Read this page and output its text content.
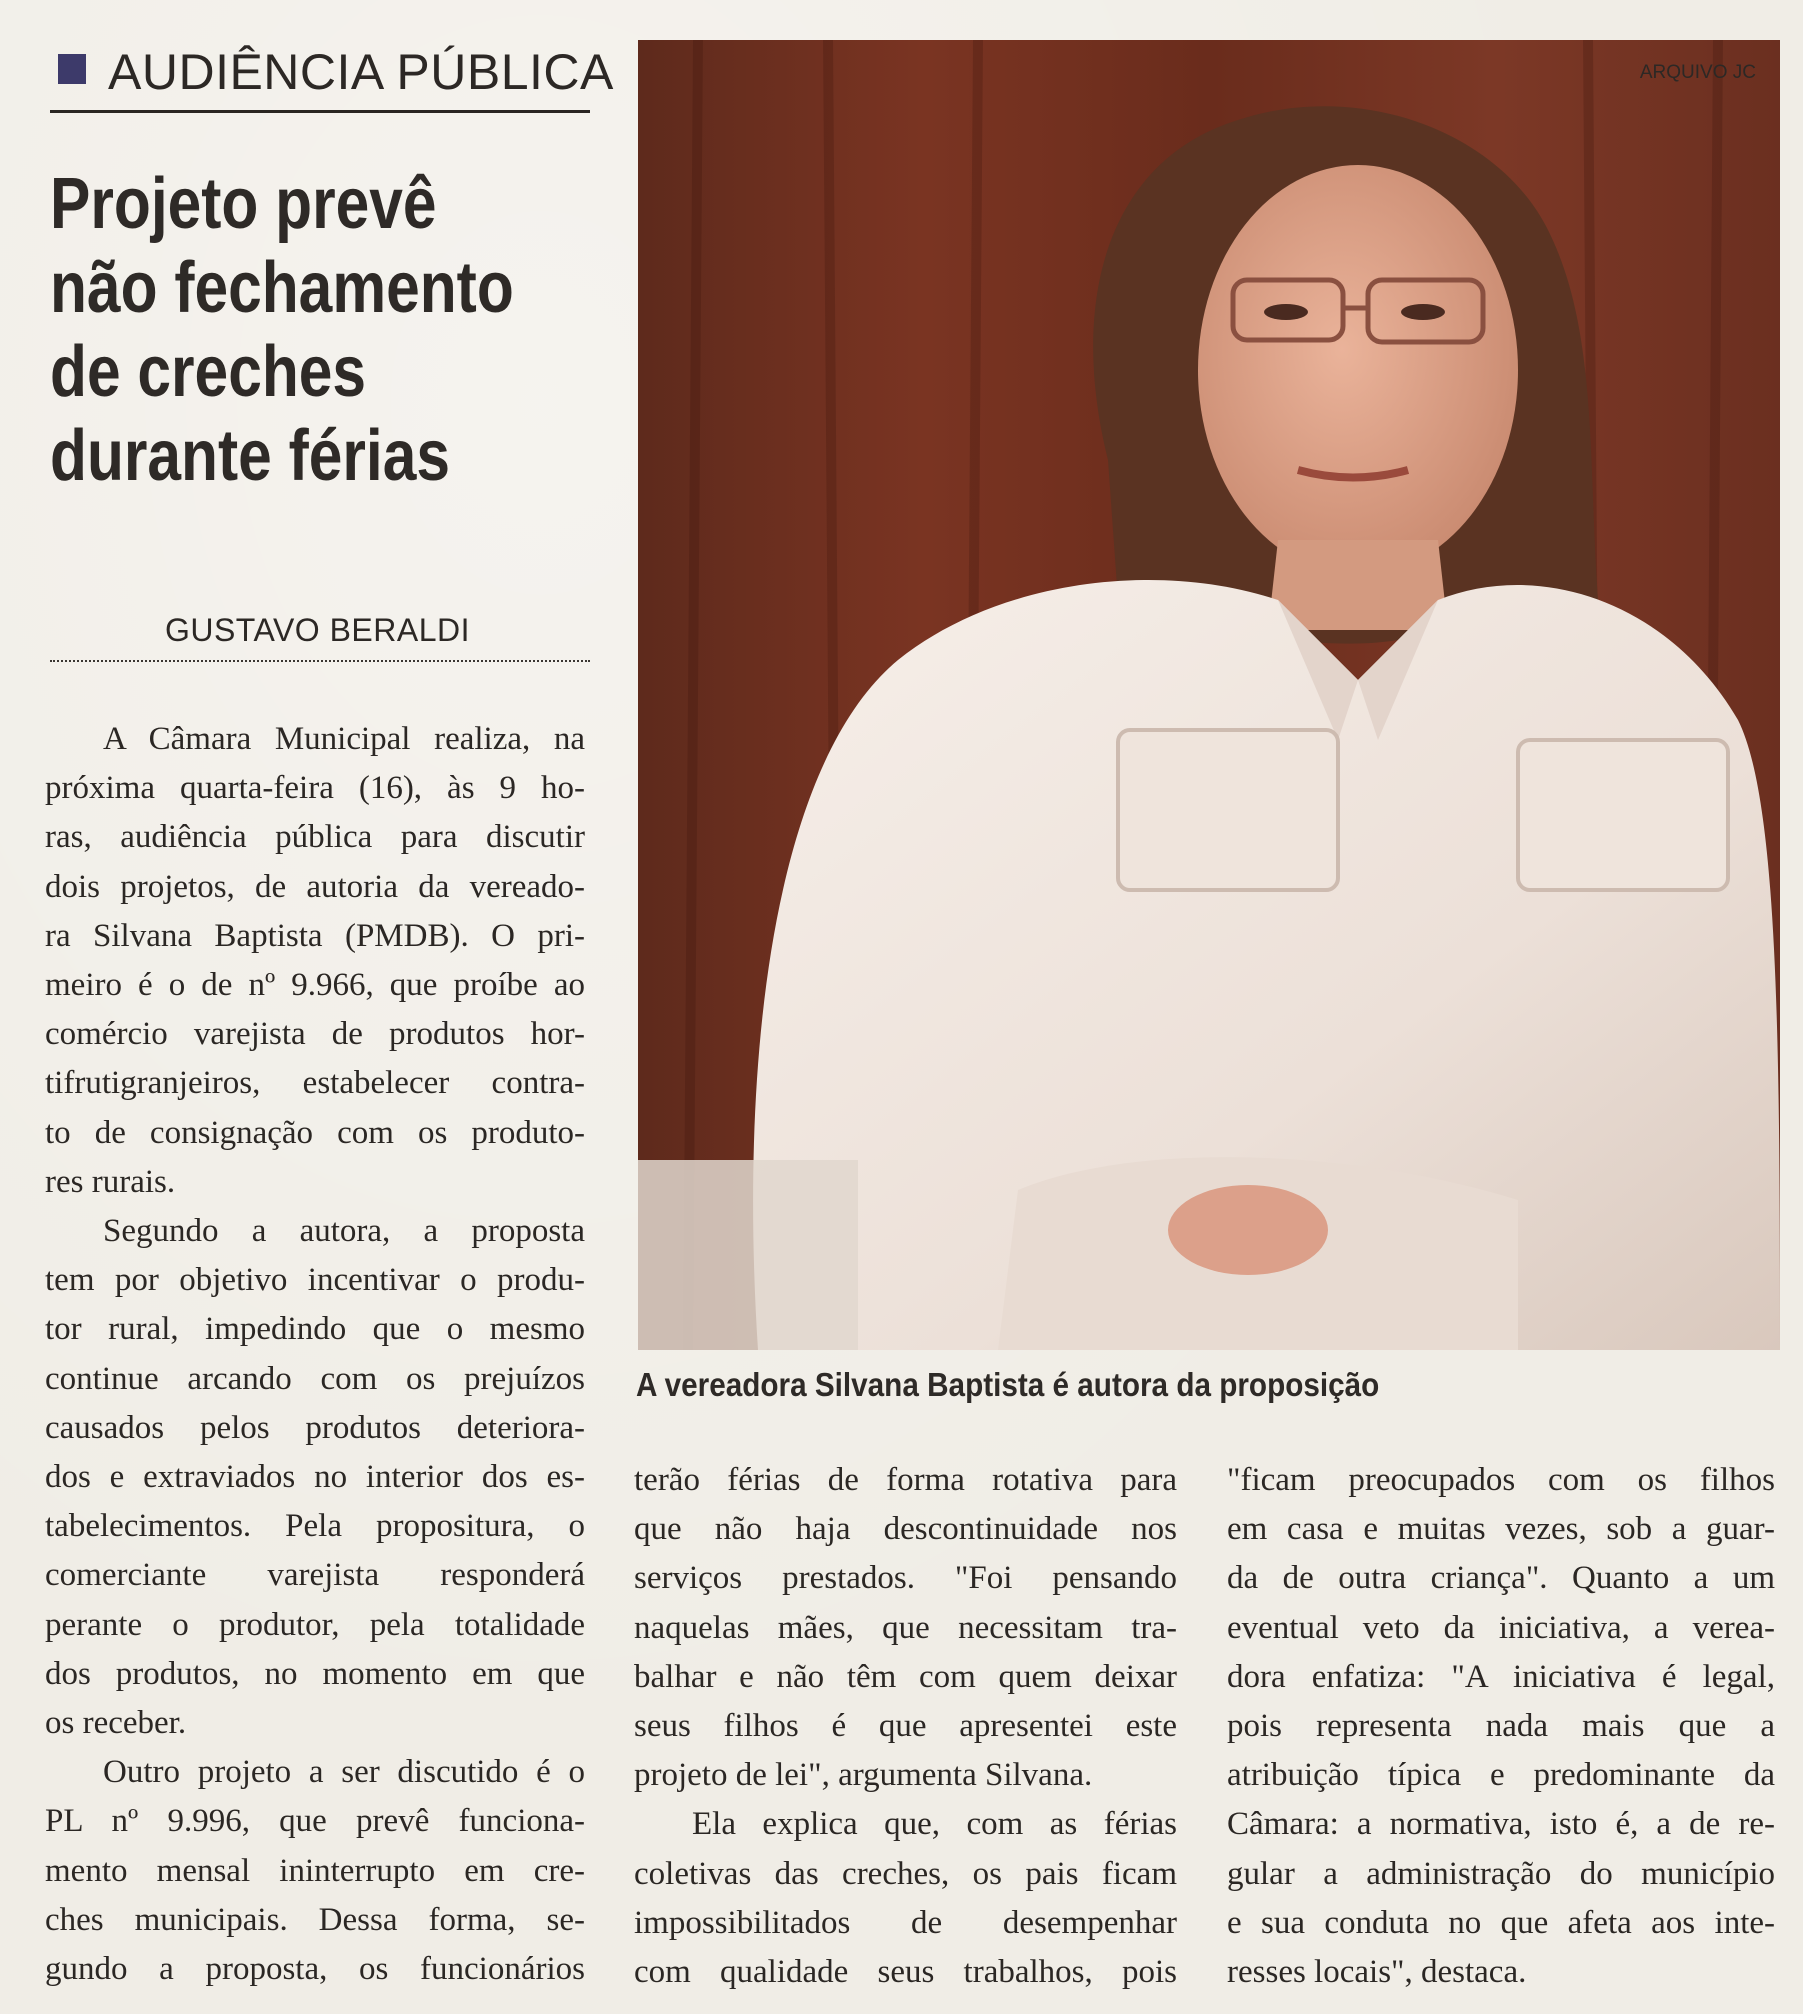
AUDIÊNCIA PÚBLICA
Projeto prevê
não fechamento
de creches
durante férias
GUSTAVO BERALDI
A Câmara Municipal realiza, na
próxima quarta-feira (16), às 9 ho-
ras, audiência pública para discutir
dois projetos, de autoria da vereado-
ra Silvana Baptista (PMDB). O pri-
meiro é o de nº 9.966, que proíbe ao
comércio varejista de produtos hor-
tifrutigranjeiros, estabelecer contra-
to de consignação com os produto-
res rurais.
Segundo a autora, a proposta
tem por objetivo incentivar o produ-
tor rural, impedindo que o mesmo
continue arcando com os prejuízos
causados pelos produtos deteriora-
dos e extraviados no interior dos es-
tabelecimentos. Pela propositura, o
comerciante varejista responderá
perante o produtor, pela totalidade
dos produtos, no momento em que
os receber.
Outro projeto a ser discutido é o
PL nº 9.996, que prevê funciona-
mento mensal ininterrupto em cre-
ches municipais. Dessa forma, se-
gundo a proposta, os funcionários
ARQUIVO JC
A vereadora Silvana Baptista é autora da proposição
terão férias de forma rotativa para
que não haja descontinuidade nos
serviços prestados. "Foi pensando
naquelas mães, que necessitam tra-
balhar e não têm com quem deixar
seus filhos é que apresentei este
projeto de lei", argumenta Silvana.
Ela explica que, com as férias
coletivas das creches, os pais ficam
impossibilitados de desempenhar
com qualidade seus trabalhos, pois
"ficam preocupados com os filhos
em casa e muitas vezes, sob a guar-
da de outra criança". Quanto a um
eventual veto da iniciativa, a verea-
dora enfatiza: "A iniciativa é legal,
pois representa nada mais que a
atribuição típica e predominante da
Câmara: a normativa, isto é, a de re-
gular a administração do município
e sua conduta no que afeta aos inte-
resses locais", destaca.
